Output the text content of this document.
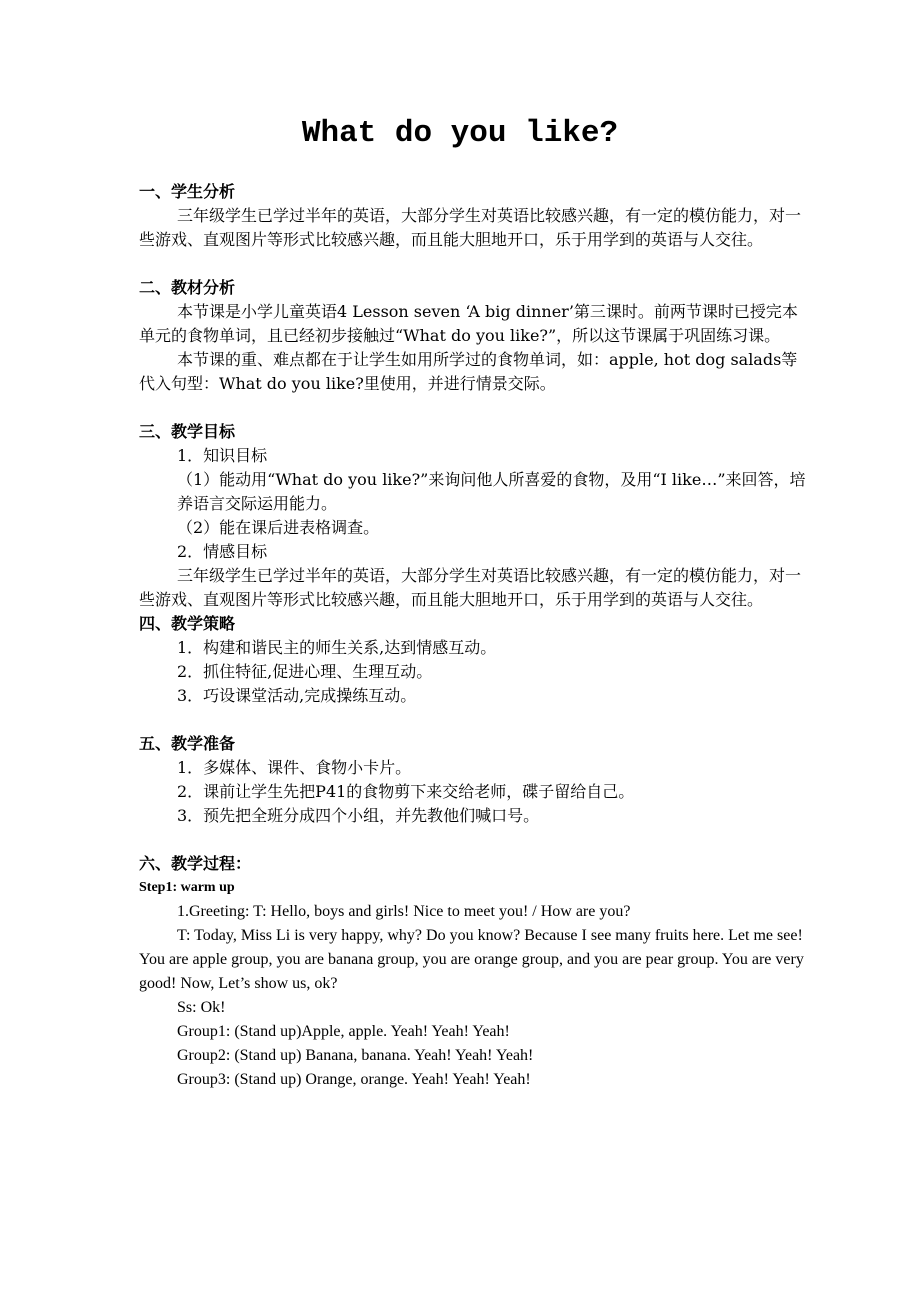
What do you like?

一、学生分析

三年级学生已学过半年的英语，大部分学生对英语比较感兴趣，有一定的模仿能力，对一些游戏、直观图片等形式比较感兴趣，而且能大胆地开口，乐于用学到的英语与人交往。

二、教材分析

本节课是小学儿童英语4 Lesson seven ‘A big dinner’第三课时。前两节课时已授完本单元的食物单词，且已经初步接触过“What do you like?”，所以这节课属于巩固练习课。

本节课的重、难点都在于让学生如用所学过的食物单词，如：apple, hot dog salads等代入句型：What do you like?里使用，并进行情景交际。

三、教学目标

1．知识目标

（1）能动用“What do you like?”来询问他人所喜爱的食物，及用“I like…”来回答，培养语言交际运用能力。

（2）能在课后进表格调查。

2．情感目标

三年级学生已学过半年的英语，大部分学生对英语比较感兴趣，有一定的模仿能力，对一些游戏、直观图片等形式比较感兴趣，而且能大胆地开口，乐于用学到的英语与人交往。

四、教学策略

1．构建和谐民主的师生关系,达到情感互动。

2．抓住特征,促进心理、生理互动。

3．巧设课堂活动,完成操练互动。

五、教学准备

1．多媒体、课件、食物小卡片。

2．课前让学生先把P41的食物剪下来交给老师，碟子留给自己。

3．预先把全班分成四个小组，并先教他们喊口号。

六、教学过程：

Step1: warm up

1.Greeting: T: Hello, boys and girls! Nice to meet you! / How are you?

T: Today, Miss Li is very happy, why? Do you know? Because I see many fruits here. Let me see! You are apple group, you are banana group, you are orange group, and you are pear group. You are very good! Now, Let’s show us, ok?

Ss: Ok!

Group1: (Stand up)Apple, apple. Yeah! Yeah! Yeah!

Group2: (Stand up) Banana, banana. Yeah! Yeah! Yeah!

Group3: (Stand up) Orange, orange. Yeah! Yeah! Yeah!
